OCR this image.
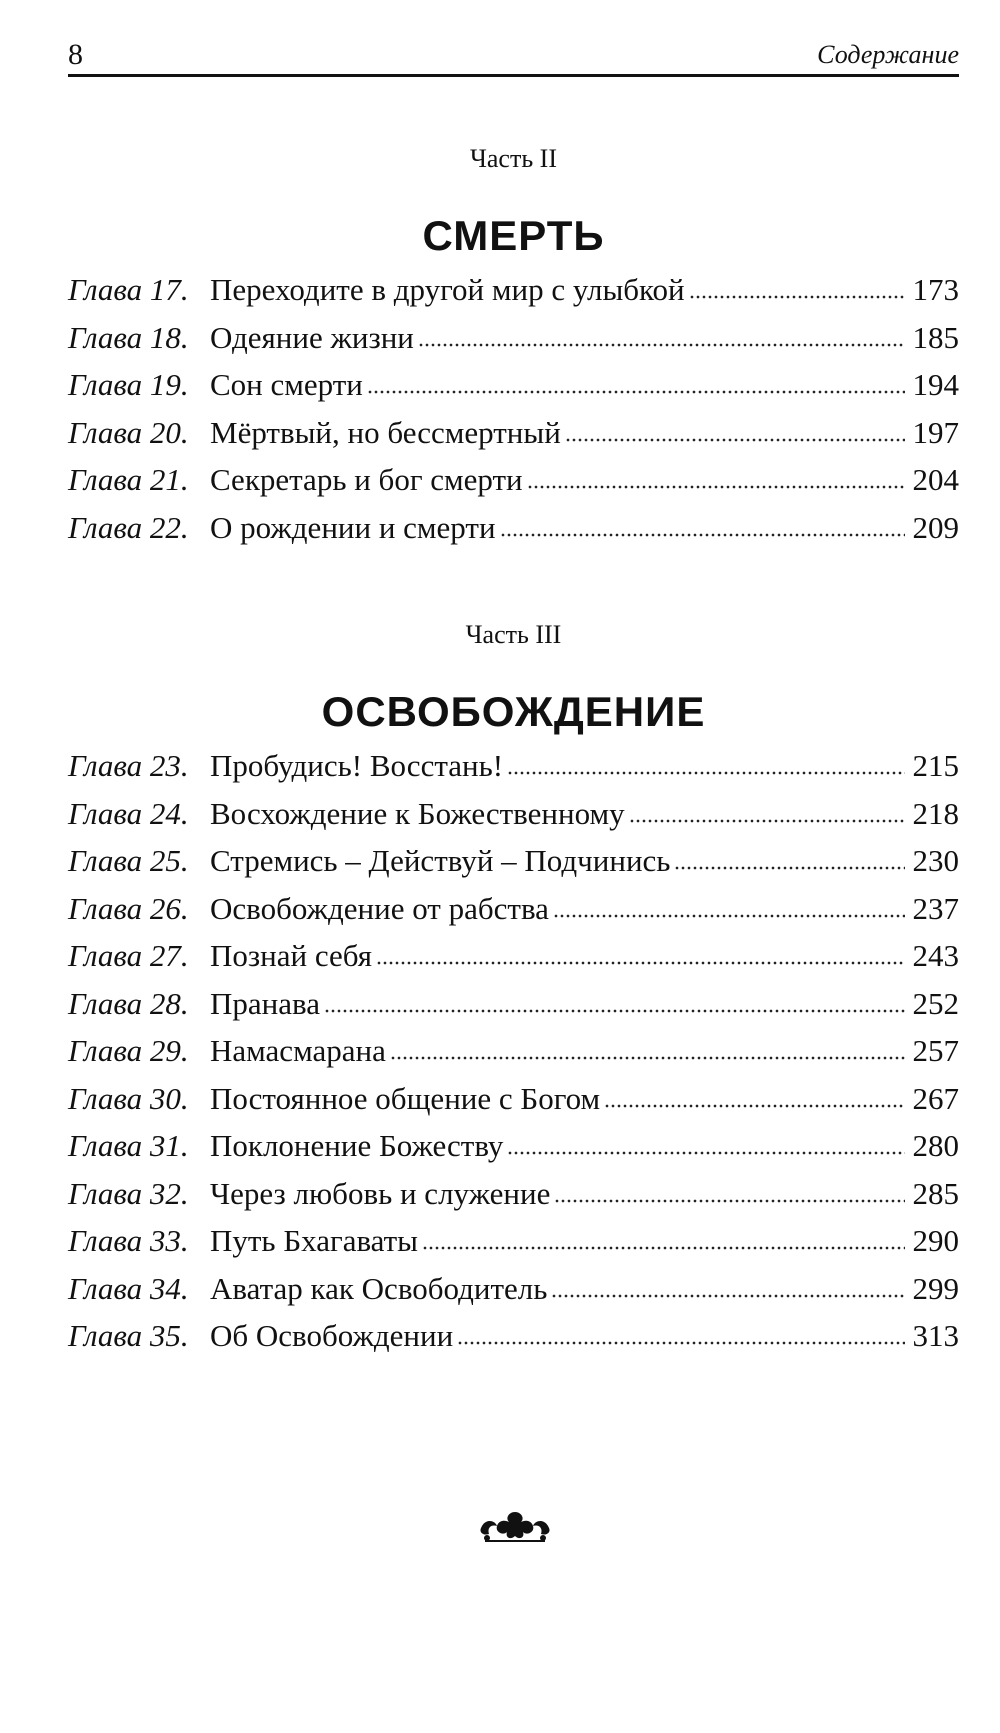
8	Содержание
Часть II
СМЕРТЬ
Глава 17. Переходите в другой мир с улыбкой	173
Глава 18. Одеяние жизни	185
Глава 19. Сон смерти	194
Глава 20. Мёртвый, но бессмертный	197
Глава 21. Секретарь и бог смерти	204
Глава 22. О рождении и смерти	209
Часть III
ОСВОБОЖДЕНИЕ
Глава 23. Пробудись! Восстань!	215
Глава 24. Восхождение к Божественному	218
Глава 25. Стремись – Действуй – Подчинись	230
Глава 26. Освобождение от рабства	237
Глава 27. Познай себя	243
Глава 28. Пранава	252
Глава 29. Намасмарана	257
Глава 30. Постоянное общение с Богом	267
Глава 31. Поклонение Божеству	280
Глава 32. Через любовь и служение	285
Глава 33. Путь Бхагаваты	290
Глава 34. Аватар как Освободитель	299
Глава 35. Об Освобождении	313
